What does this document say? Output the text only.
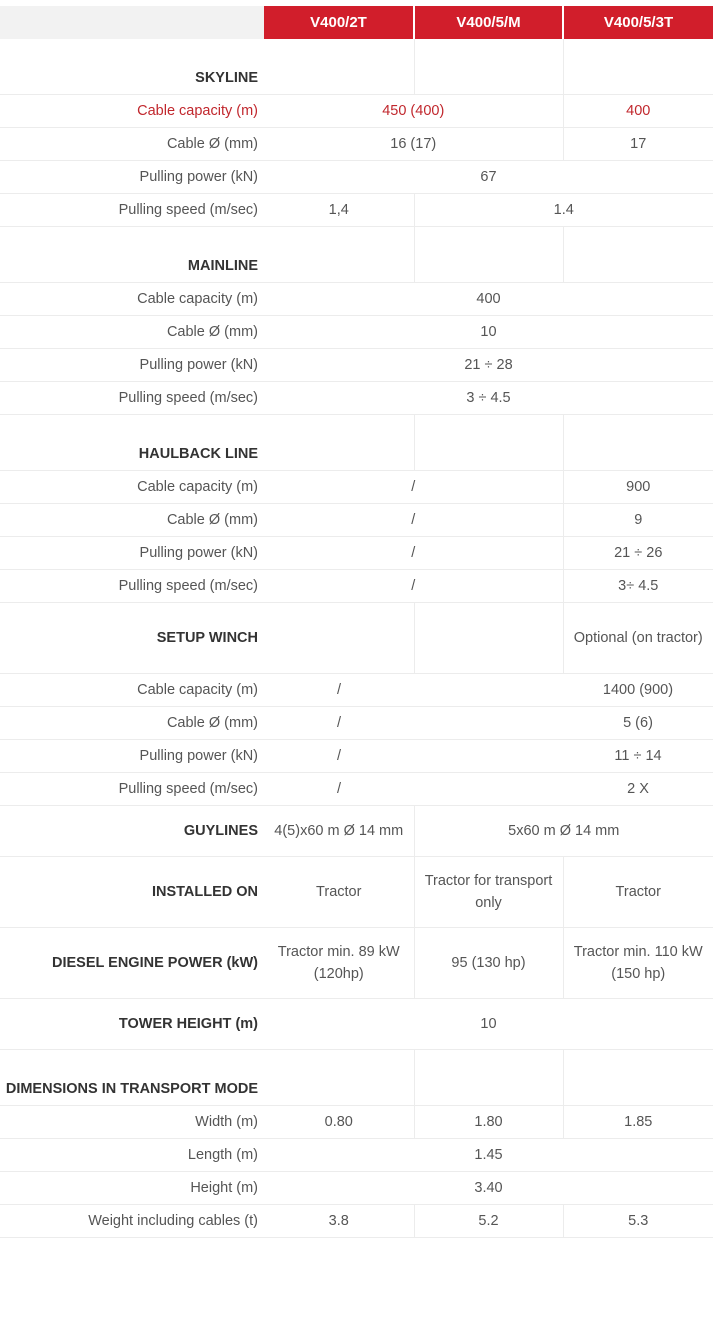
V400/2T	V400/5/M	V400/5/3T
SKYLINE			
Cable capacity (m)	450 (400)		400
Cable Ø (mm)	16 (17)		17
Pulling power (kN)	67		
Pulling speed (m/sec)	1,4	1.4	
MAINLINE			
Cable capacity (m)	400		
Cable Ø (mm)	10		
Pulling power (kN)	21 ÷ 28		
Pulling speed (m/sec)	3 ÷ 4.5		
HAULBACK LINE			
Cable capacity (m)	/		900
Cable Ø (mm)	/		9
Pulling power (kN)	/		21 ÷ 26
Pulling speed (m/sec)	/		3÷ 4.5
SETUP WINCH			Optional (on tractor)
Cable capacity (m)	/		1400 (900)
Cable Ø (mm)	/		5 (6)
Pulling power (kN)	/		11 ÷ 14
Pulling speed (m/sec)	/		2 X
GUYLINES	4(5)x60 m Ø 14 mm	5x60 m Ø 14 mm	
INSTALLED ON	Tractor	Tractor for transport only	Tractor
DIESEL ENGINE POWER (kW)	Tractor min. 89 kW (120hp)	95 (130 hp)	Tractor min. 110 kW (150 hp)
TOWER HEIGHT (m)	10		
DIMENSIONS IN TRANSPORT MODE			
Width (m)	0.80	1.80	1.85
Length (m)	1.45		
Height (m)	3.40		
Weight including cables (t)	3.8	5.2	5.3
